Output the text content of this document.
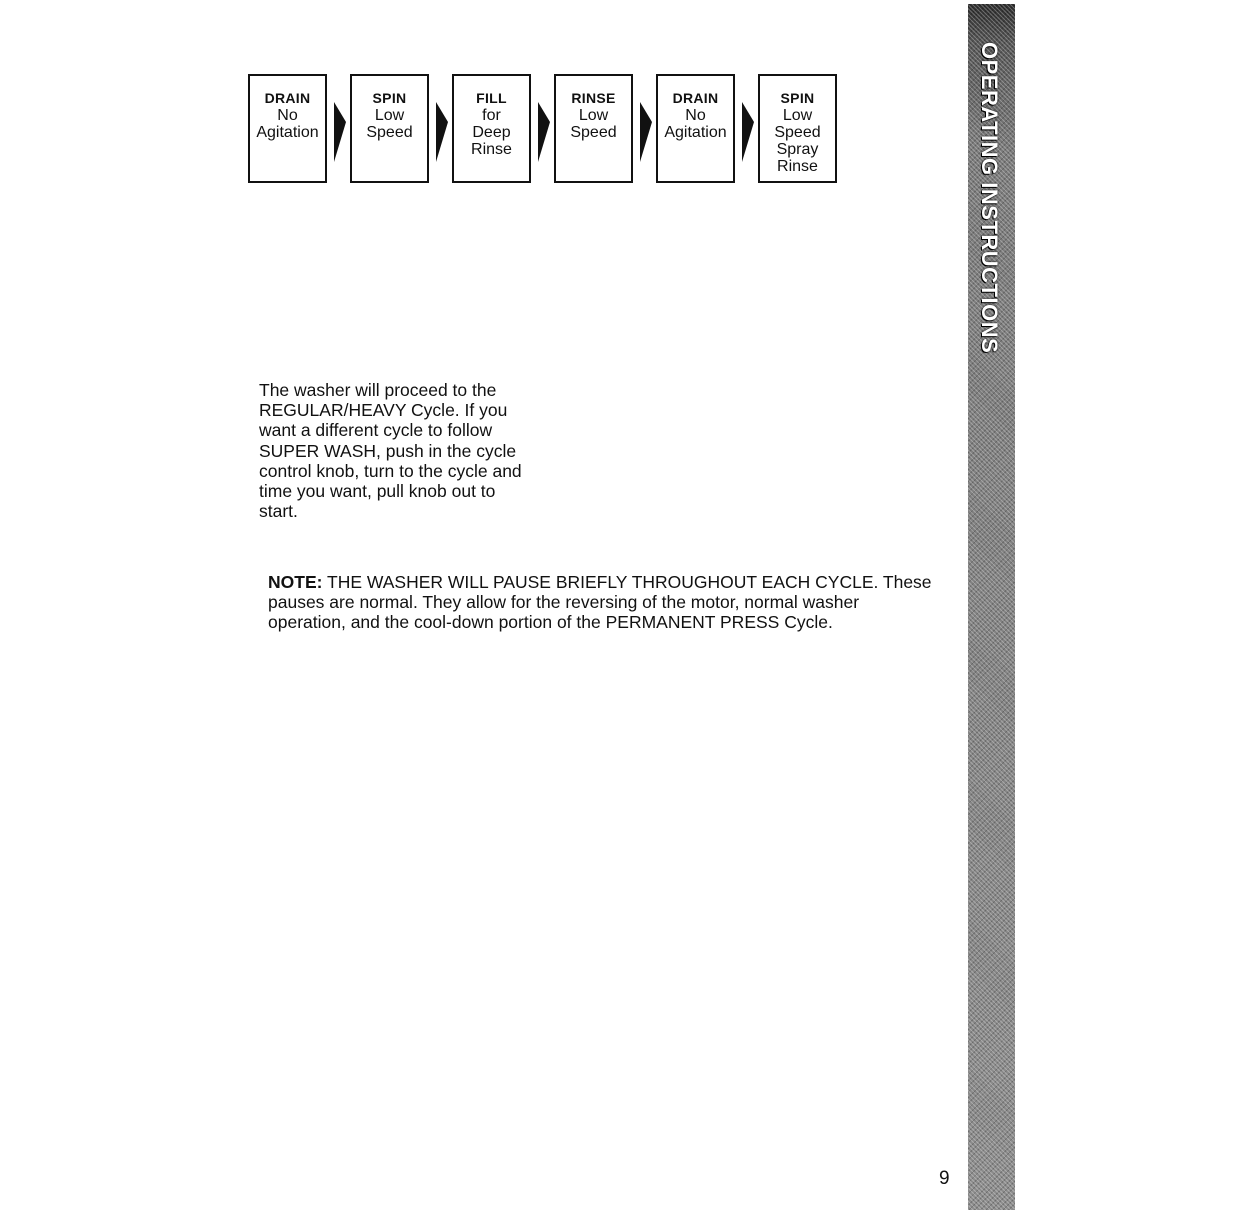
DRAIN
No
Agitation
SPIN
Low
Speed
FILL
for
Deep
Rinse
RINSE
Low
Speed
DRAIN
No
Agitation
SPIN
Low
Speed
Spray
Rinse

The washer will proceed to the
REGULAR/HEAVY Cycle. If you
want a different cycle to follow
SUPER WASH, push in the cycle
control knob, turn to the cycle and
time you want, pull knob out to
start.

NOTE: THE WASHER WILL PAUSE BRIEFLY THROUGHOUT EACH CYCLE. These
pauses are normal. They allow for the reversing of the motor, normal washer
operation, and the cool-down portion of the PERMANENT PRESS Cycle.

OPERATING INSTRUCTIONS
9
